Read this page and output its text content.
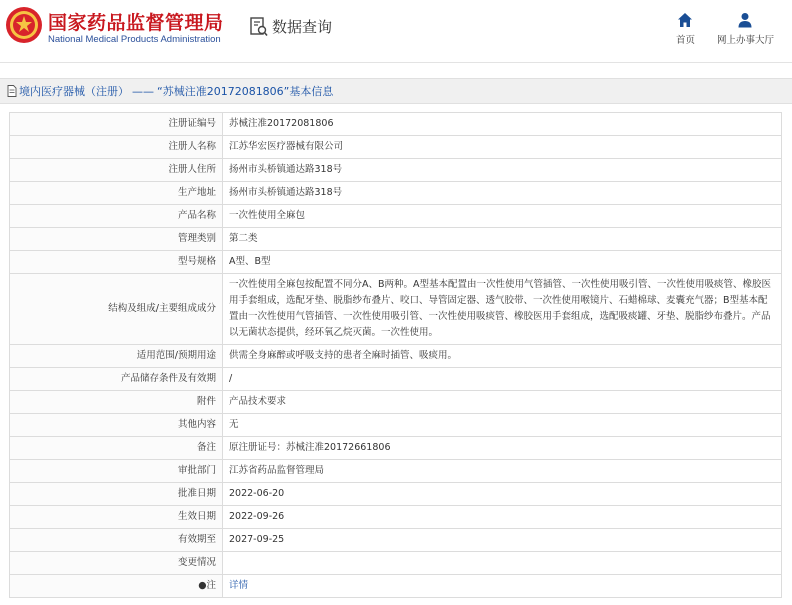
国家药品监督管理局
National Medical Products Administration
数据查询
首页 网上办事大厅
境内医疗器械（注册） —— “苏械注准20172081806”基本信息
注册证编号	苏械注准20172081806
注册人名称	江苏华宏医疗器械有限公司
注册人住所	扬州市头桥镇通达路318号
生产地址	扬州市头桥镇通达路318号
产品名称	一次性使用全麻包
管理类别	第二类
型号规格	A型、B型
结构及组成/主要组成成分	一次性使用全麻包按配置不同分A、B两种。A型基本配置由一次性使用气管插管、一次性使用吸引管、一次性使用吸痰管、橡胶医用手套组成，选配牙垫、脱脂纱布叠片、咬口、导管固定器、透气胶带、一次性使用喉镜片、石蜡棉球、麦囊充气器；B型基本配置由一次性使用气管插管、一次性使用吸引管、一次性使用吸痰管、橡胶医用手套组成，选配吸痰罐、牙垫、脱脂纱布叠片。产品以无菌状态提供，经环氧乙烷灭菌。一次性使用。
适用范围/预期用途	供需全身麻醉或呼吸支持的患者全麻时插管、吸痰用。
产品储存条件及有效期	/
附件	产品技术要求
其他内容	无
备注	原注册证号：苏械注准20172661806
审批部门	江苏省药品监督管理局
批准日期	2022-06-20
生效日期	2022-09-26
有效期至	2027-09-25
变更情况	
●注	详情
